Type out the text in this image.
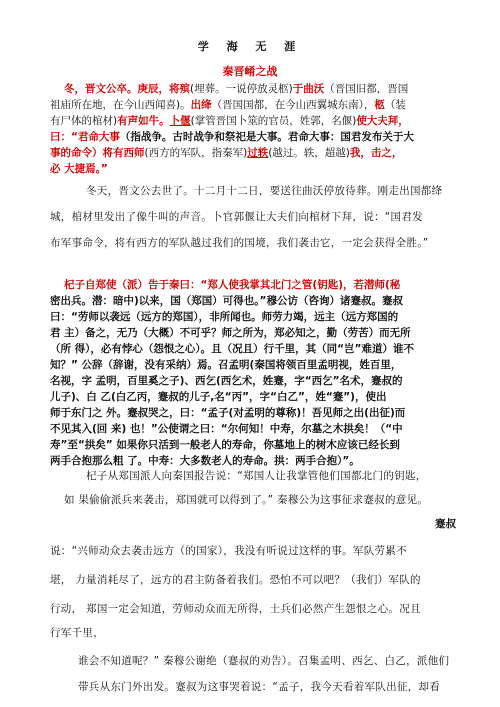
学 海 无 涯
秦晋崤之战
冬，晋文公卒。庚辰，将殡(埋葬。一说停放灵柩)于曲沃（晋国旧都，晋国
祖庙所在地，在今山西闻喜)。出绛（晋国国都，在今山西翼城东南），柩（装
有尸体的棺材)有声如牛。卜偃(掌管晋国卜筮的官员，姓郭，名偃)使大夫拜，
曰：“君命大事（指战争。古时战争和祭祀是大事。君命大事：国君发布关于大
事的命令）将有西师(西方的军队，指秦军)过轶(越过。轶，超越)我，击之，
必 大捷焉。”
冬天，晋文公去世了。十二月十二日，要送往曲沃停放待葬。刚走出国都绛
城，棺材里发出了像牛叫的声音。卜官郭偃让大夫们向棺材下拜，说：“国君发
布军事命令，将有西方的军队越过我们的国境，我们袭击它，一定会获得全胜。”
杞子自郑使（派）告于秦曰：“郑人使我掌其北门之管(钥匙)，若潜师(秘
密出兵。潜：暗中)以来，国（郑国）可得也。”穆公访（咨询）诸蹇叔。蹇叔
曰：“劳师以袭远（远方的郑国），非所闻也。师劳力竭，远主（远方郑国的
君 主）备之，无乃（大概）不可乎？师之所为，郑必知之，勤（劳苦）而无所
（所 得），必有悖心（怨恨之心）。且（况且）行千里，其（同“岂”难道）谁不
知？” 公辞（辞谢，没有采纳）焉。召孟明(秦国将领百里孟明视，姓百里，
名视，字 孟明，百里奚之子)、西乞(西乞术，姓蹇，字“西乞”名术，蹇叔的
儿子)、白 乙(白乙丙，蹇叔的儿子,名“丙”，字“白乙”，姓“蹇”)，使出
师于东门之 外。蹇叔哭之，曰：“孟子(对孟明的尊称)！吾见师之出(出征)而
不见其入(回 来) 也！”公使谓之曰：“尔何知！中寿，尔墓之木拱矣！（“中
寿”至“拱矣” 如果你只活到一般老人的寿命，你墓地上的树木应该已经长到
两手合抱那么粗 了。中寿：大多数老人的寿命。拱：两手合抱）”。
杞子从郑国派人向秦国报告说：“郑国人让我掌管他们国都北门的钥匙，
如 果偷偷派兵来袭击，郑国就可以得到了。” 秦穆公为这事征求蹇叔的意见。
蹇叔
说：“兴师动众去袭击远方（的国家），我没有听说过这样的事。军队劳累不
堪， 力量消耗尽了，远方的君主防备着我们。恐怕不可以吧？（我们）军队的
行动， 郑国一定会知道，劳师动众而无所得，士兵们必然产生怨恨之心。况且
行军千里，
谁会不知道呢？” 秦穆公谢绝（蹇叔的劝告）。召集孟明、西乞、白乙，派他们
带兵从东门外出发。蹇叔为这事哭着说：“孟子，我今天看着军队出征，却看
